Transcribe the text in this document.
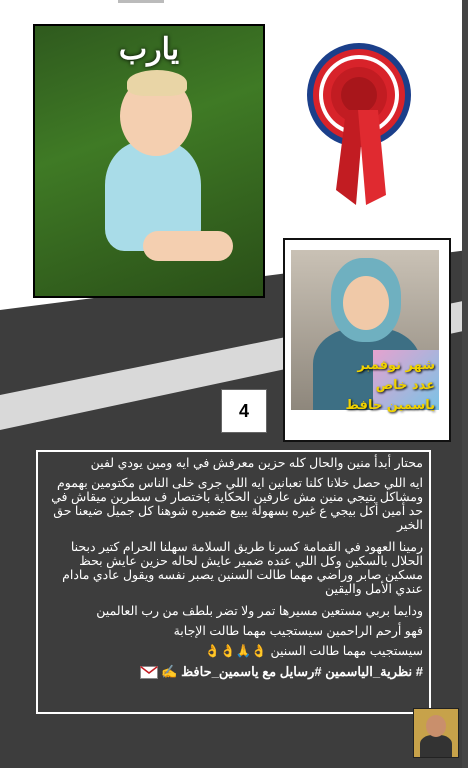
يارب
شهر نوفمبر
عدد خاص
ياسمين حافظ
4

محتار أبدأ منين والحال كله حزين معرفش في ايه ومين يودي لفين

ايه اللي حصل خلانا كلنا تعبانين ايه اللي جرى خلى الناس مكتومين بهموم ومشاكل بتيجي منين مش عارفين الحكاية باختصار ف سطرين ميقاش في حد أمين أكل بيجي ع غيره بسهولة يبيع ضميره شوهنا كل جميل ضيعنا حق الخير

رمينا العهود في القمامة كسرنا طريق السلامة سهلنا الحرام كتير دبحنا الحلال بالسكين وكل اللي عنده ضمير عايش لحاله حزين عايش بحظ مسكين صابر وراضي مهما طالت السنين يصبر نفسه ويقول عادي مادام عندي الأمل واليقين

ودايما بربي مستعين مسيرها تمر ولا تضر بلطف من رب العالمين

فهو أرحم الراحمين سيستجيب مهما طالت الإجابة

سيستجيب مهما طالت السنين 👌🙏👌👌

# نظرية_الياسمين #رسايل مع ياسمين_حافظ ✍️
